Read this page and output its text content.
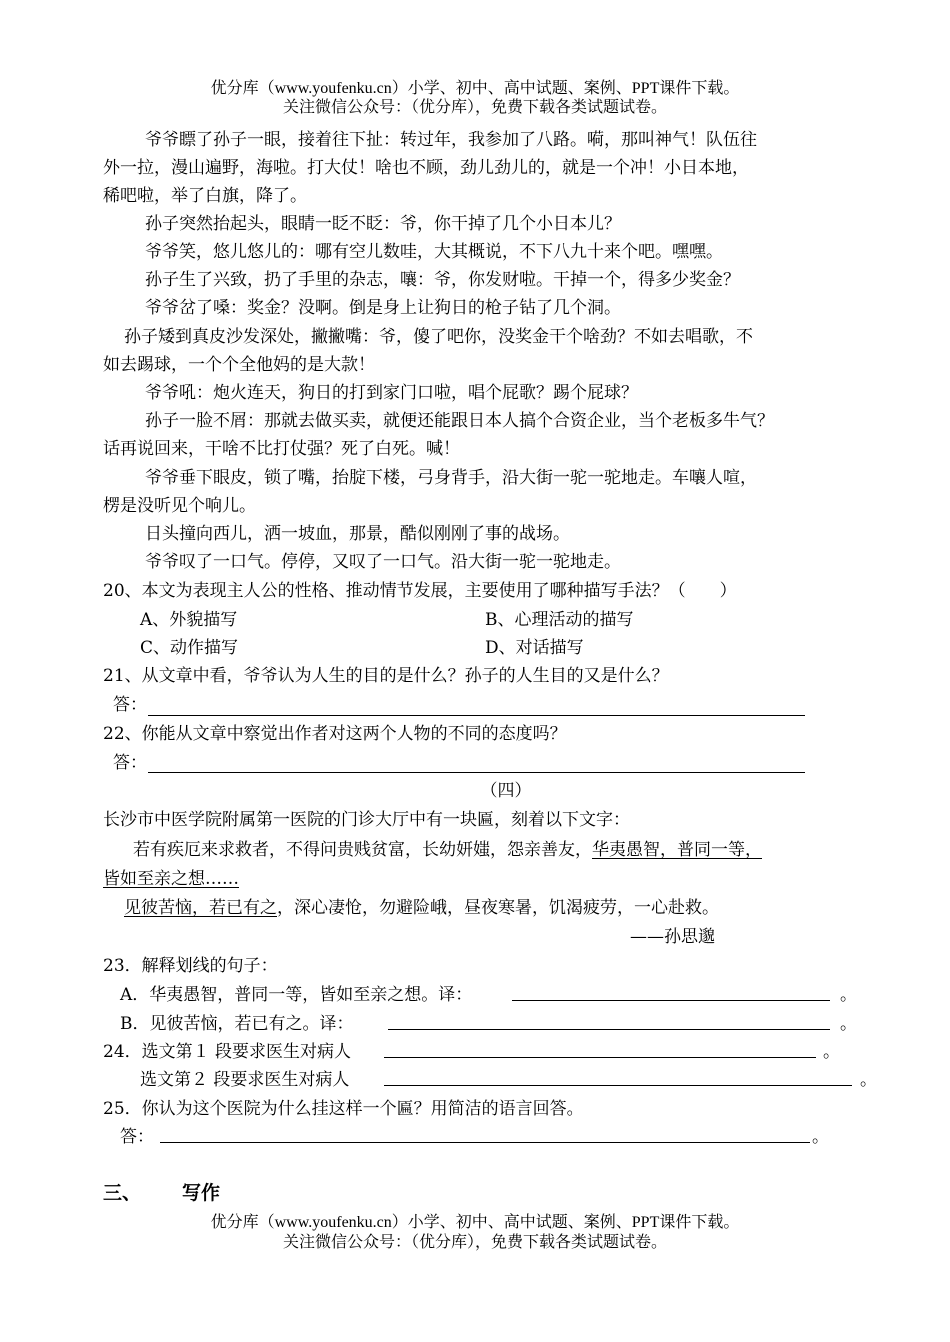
优分库（www.youfenku.cn）小学、初中、高中试题、案例、PPT课件下载。
关注微信公众号：（优分库），免费下载各类试题试卷。
爷爷瞟了孙子一眼，接着往下扯：转过年，我参加了八路。嗬，那叫神气！队伍往
外一拉，漫山遍野，海啦。打大仗！啥也不顾，劲儿劲儿的，就是一个冲！小日本地，
稀吧啦，举了白旗，降了。
孙子突然抬起头，眼睛一眨不眨：爷，你干掉了几个小日本儿？
爷爷笑，悠儿悠儿的：哪有空儿数哇，大其概说，不下八九十来个吧。嘿嘿。
孙子生了兴致，扔了手里的杂志，嚷：爷，你发财啦。干掉一个，得多少奖金？
爷爷岔了嗓：奖金？没啊。倒是身上让狗日的枪子钻了几个洞。
孙子矮到真皮沙发深处，撇撇嘴：爷，傻了吧你，没奖金干个啥劲？不如去唱歌，不
如去踢球，一个个全他妈的是大款！
爷爷吼：炮火连天，狗日的打到家门口啦，唱个屁歌？踢个屁球？
孙子一脸不屑：那就去做买卖，就便还能跟日本人搞个合资企业，当个老板多牛气？
话再说回来，干啥不比打仗强？死了白死。喊！
爷爷垂下眼皮，锁了嘴，抬腚下楼，弓身背手，沿大街一驼一驼地走。车嚷人喧，
楞是没听见个响儿。
日头撞向西儿，洒一坡血，那景，酷似刚刚了事的战场。
爷爷叹了一口气。停停，又叹了一口气。沿大街一驼一驼地走。
20、本文为表现主人公的性格、推动情节发展，主要使用了哪种描写手法？（　　）
A、外貌描写	B、心理活动的描写
C、动作描写	D、对话描写
21、从文章中看，爷爷认为人生的目的是什么？孙子的人生目的又是什么？
答：
22、你能从文章中察觉出作者对这两个人物的不同的态度吗？
答：
（四）
长沙市中医学院附属第一医院的门诊大厅中有一块匾，刻着以下文字：
若有疾厄来求救者，不得问贵贱贫富，长幼妍媸，怨亲善友，华夷愚智，普同一等，
皆如至亲之想……
见彼苦恼，若已有之，深心凄怆，勿避险峨，昼夜寒暑，饥渴疲劳，一心赴救。
——孙思邈
23．解释划线的句子：
A．华夷愚智，普同一等，皆如至亲之想。译：	。
B．见彼苦恼，若已有之。译：	。
24．选文第１ 段要求医生对病人	。
选文第２ 段要求医生对病人	。
25．你认为这个医院为什么挂这样一个匾？用简洁的语言回答。
答：	。
三、 写作
优分库（www.youfenku.cn）小学、初中、高中试题、案例、PPT课件下载。
关注微信公众号：（优分库），免费下载各类试题试卷。
